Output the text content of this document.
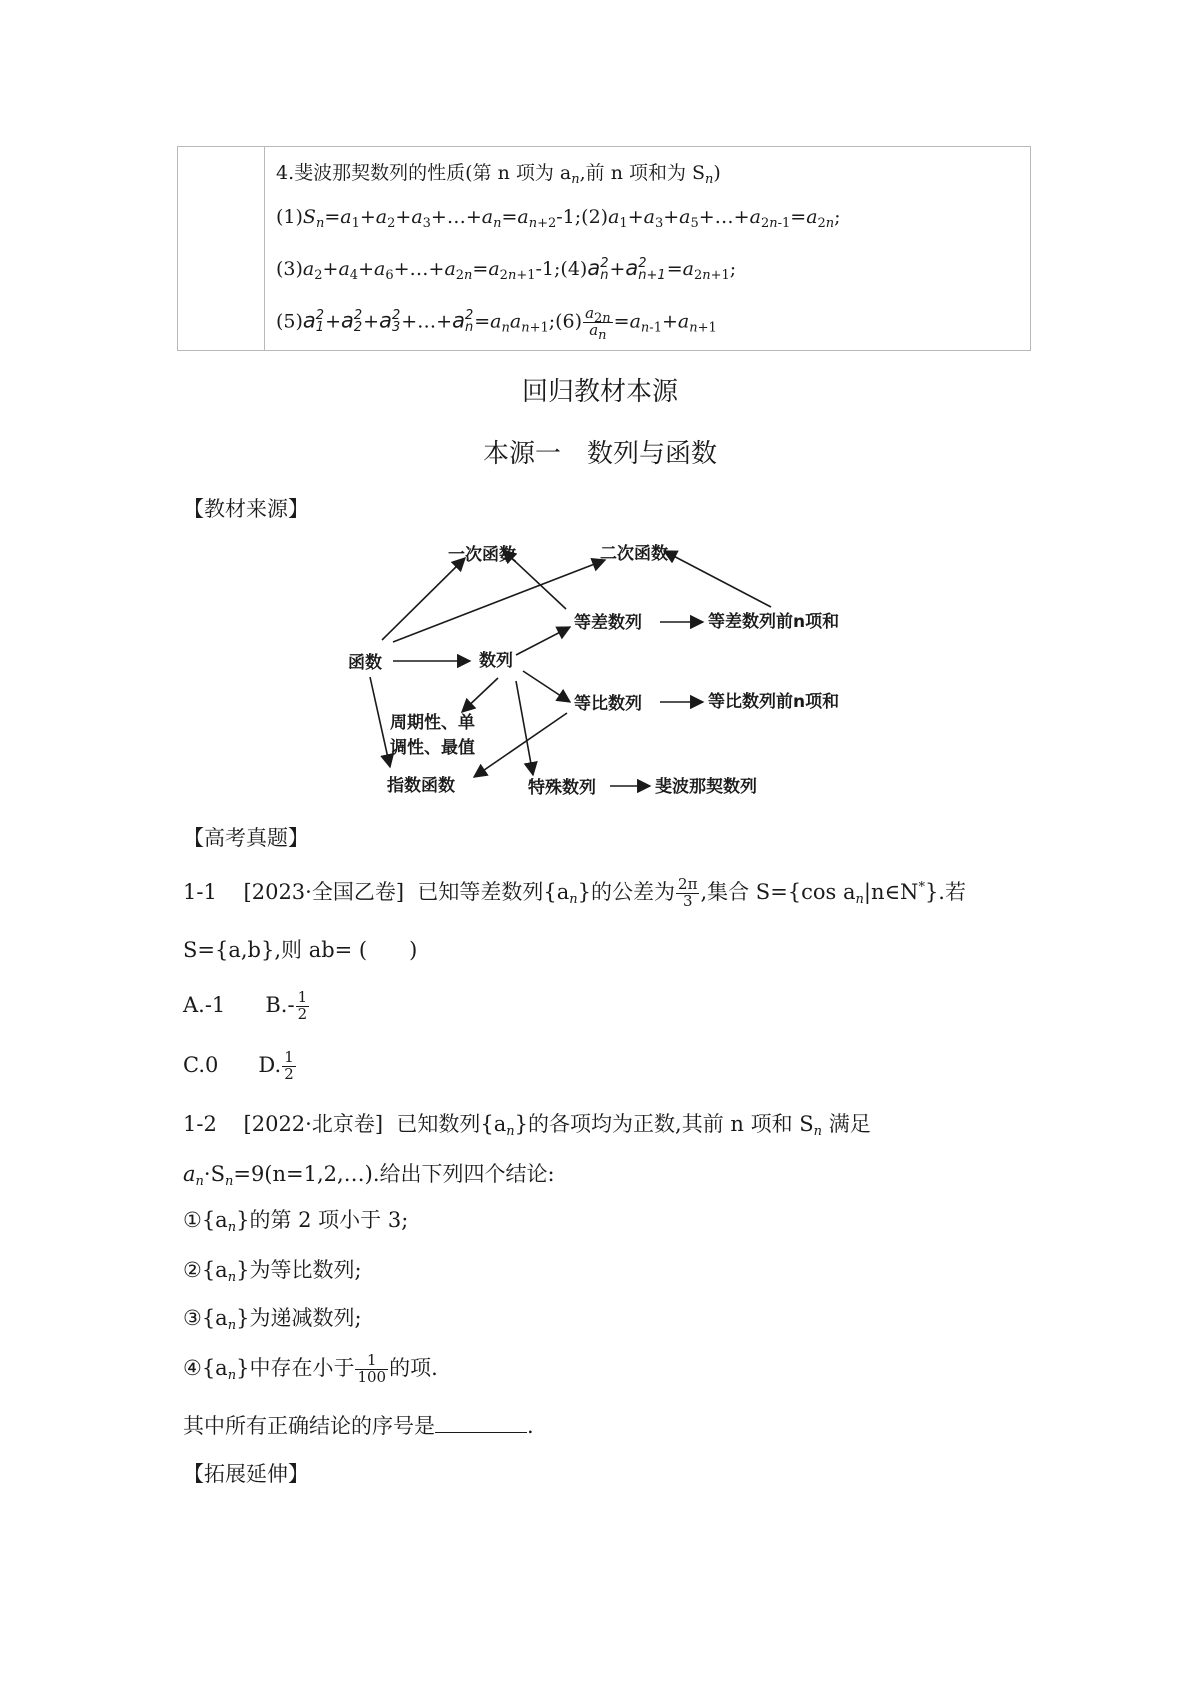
4.斐波那契数列的性质(第 n 项为 $a_n$,前 n 项和为 $S_n$)
$(1)S_n=a_1+a_2+a_3+\dots+a_n=a_{n+2}-1;(2)a_1+a_3+a_5+\dots+a_{2n-1}=a_{2n}$;
$(3)a_2+a_4+a_6+\dots+a_{2n}=a_{2n+1}-1;(4)a$ 2
n +a 2
$n+1 =a_{2n+1}$;
(5)a 2
1 +a 2
2 +a 2
3 +…+a 2
$n =a_na_{n+1};(6) \frac{a_{2n}}{a_n} =a_{n-1}+a_{n+1}$
回归教材本源
本源一　数列与函数
【教材来源】
一次函数	二次函数
函数	数列
等差数列	等差数列前n项和
等比数列	等比数列前n项和
周期性、单
调性、最值
指数函数	特殊数列	斐波那契数列
【高考真题】
1-1 [2023·全国乙卷] 已知等差数列$\{a_n\}$的公差为 $\frac{2\pi}{3}$ ,集合 S={cos $a_n|n\in N^*$}.若
S={a,b},则 ab= (　　)
A.-1 $B.- \frac{1}{2}$
C.0 D. $\frac{1}{2}$
1-2 [2022·北京卷] 已知数列$\{a_n\}$的各项均为正数,其前 n 项和 $S_n$ 满足
$a_n\cdot S_n=9(n=1,2,\dots)$.给出下列四个结论:
$①\{a_n\}$的第 2 项小于 3;
$②\{a_n\}$为等比数列;
$③\{a_n\}$为递减数列;
$④\{a_n\}$中存在小于 $\frac{1}{100}$ 的项.
其中所有正确结论的序号是	.
【拓展延伸】
